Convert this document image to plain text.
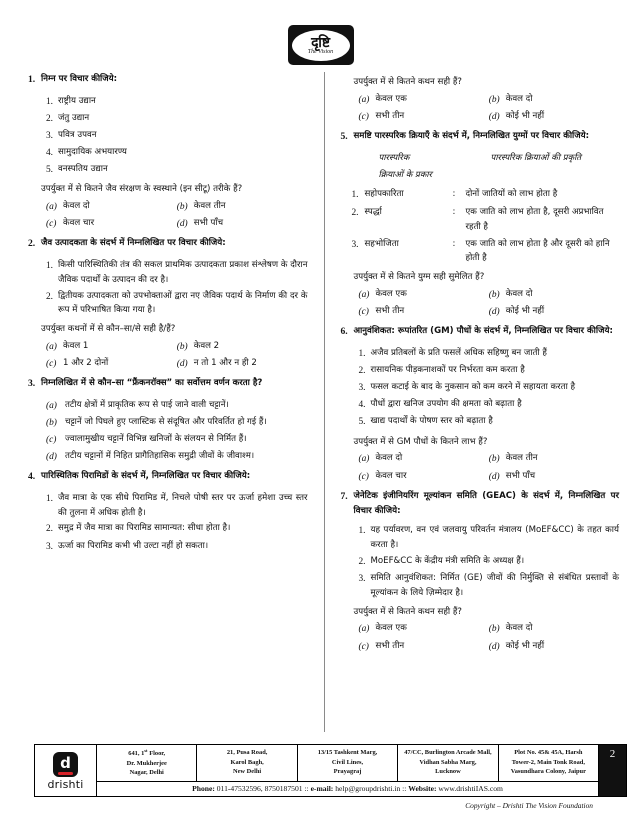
दृष्टि
The Vision
1. निम्न पर विचार कीजिये:
1. राष्ट्रीय उद्यान
2. जंतु उद्यान
3. पवित्र उपवन
4. सामुदायिक अभयारण्य
5. वनस्पतिय उद्यान
उपर्युक्त में से कितने जैव संरक्षण के स्वस्थाने (इन सीटू) तरीके हैं?
(a) केवल दो	(b) केवल तीन
(c) केवल चार	(d) सभी पाँच
2. जैव उत्पादकता के संदर्भ में निम्नलिखित पर विचार कीजिये:
1. किसी पारिस्थितिकी तंत्र की सकल प्राथमिक उत्पादकता प्रकाश संश्लेषण के दौरान जैविक पदार्थों के उत्पादन की दर है।
2. द्वितीयक उत्पादकता को उपभोक्ताओं द्वारा नए जैविक पदार्थ के निर्माण की दर के रूप में परिभाषित किया गया है।
उपर्युक्त कथनों में से कौन–सा/से सही है/हैं?
(a) केवल 1	(b) केवल 2
(c) 1 और 2 दोनों	(d) न तो 1 और न ही 2
3. निम्नलिखित में से कौन–सा “फ्रैंकनरॉक्स” का सर्वोत्तम वर्णन करता है?
(a) तटीय क्षेत्रों में प्राकृतिक रूप से पाई जाने वाली चट्टानें।
(b) चट्टानें जो पिघले हुए प्लास्टिक से संदूषित और परिवर्तित हो गई हैं।
(c) ज्वालामुखीय चट्टानें विभिन्न खनिजों के संलयन से निर्मित हैं।
(d) तटीय चट्टानों में निहित प्रागैतिहासिक समुद्री जीवों के जीवाश्म।
4. पारिस्थितिक पिरामिडों के संदर्भ में, निम्नलिखित पर विचार कीजिये:
1. जैव मात्रा के एक सीधे पिरामिड में, निचले पोषी स्तर पर ऊर्जा हमेशा उच्च स्तर की तुलना में अधिक होती है।
2. समुद्र में जैव मात्रा का पिरामिड सामान्यत: सीधा होता है।
3. ऊर्जा का पिरामिड कभी भी उल्टा नहीं हो सकता।
उपर्युक्त में से कितने कथन सही हैं?
(a) केवल एक	(b) केवल दो
(c) सभी तीन	(d) कोई भी नहीं
5. समष्टि पारस्परिक क्रियाएँ के संदर्भ में, निम्नलिखित युग्मों पर विचार कीजिये:
पारस्परिक	पारस्परिक क्रियाओं की प्रकृति
क्रियाओं के प्रकार
1. सहोपकारिता	:	दोनों जातियों को लाभ होता है
2. स्पर्द्धा	:	एक जाति को लाभ होता है, दूसरी अप्रभावित रहती है
3. सहभोजिता	:	एक जाति को लाभ होता है और दूसरी को हानि होती है
उपर्युक्त में से कितने युग्म सही सुमेलित हैं?
(a) केवल एक	(b) केवल दो
(c) सभी तीन	(d) कोई भी नहीं
6. आनुवंशिकत: रूपांतरित (GM) पौधों के संदर्भ में, निम्नलिखित पर विचार कीजिये:
1. अजैव प्रतिबलों के प्रति फसलें अधिक सहिष्णु बन जाती हैं
2. रासायनिक पीड़कनाशकों पर निर्भरता कम करता है
3. फसल कटाई के बाद के नुकसान को कम करने में सहायता करता है
4. पौधों द्वारा खनिज उपयोग की क्षमता को बढ़ाता है
5. खाद्य पदार्थों के पोषण स्तर को बढ़ाता है
उपर्युक्त में से GM पौधों के कितने लाभ हैं?
(a) केवल दो	(b) केवल तीन
(c) केवल चार	(d) सभी पाँच
7. जेनेटिक इंजीनियरिंग मूल्यांकन समिति (GEAC) के संदर्भ में, निम्नलिखित पर विचार कीजिये:
1. यह पर्यावरण, वन एवं जलवायु परिवर्तन मंत्रालय (MoEF&CC) के तहत कार्य करता है।
2. MoEF&CC के केंद्रीय मंत्री समिति के अध्यक्ष हैं।
3. समिति आनुवंशिकत: निर्मित (GE) जीवों की निर्मुक्ति से संबंधित प्रस्तावों के मूल्यांकन के लिये ज़िम्मेदार है।
उपर्युक्त में से कितने कथन सही हैं?
(a) केवल एक	(b) केवल दो
(c) सभी तीन	(d) कोई भी नहीं
d
drishti
641, 1st Floor,
Dr. Mukherjee
Nagar, Delhi
21, Pusa Road,
Karol Bagh,
New Delhi
13/15 Tashkent Marg,
Civil Lines,
Prayagraj
47/CC, Burlington Arcade Mall,
Vidhan Sabha Marg,
Lucknow
Plot No. 45& 45A, Harsh
Tower-2, Main Tonk Road,
Vasundhara Colony, Jaipur
Phone: 011-47532596, 8750187501 :: e-mail: help@groupdrishti.in :: Website: www.drishtiIAS.com
2
Copyright – Drishti The Vision Foundation
